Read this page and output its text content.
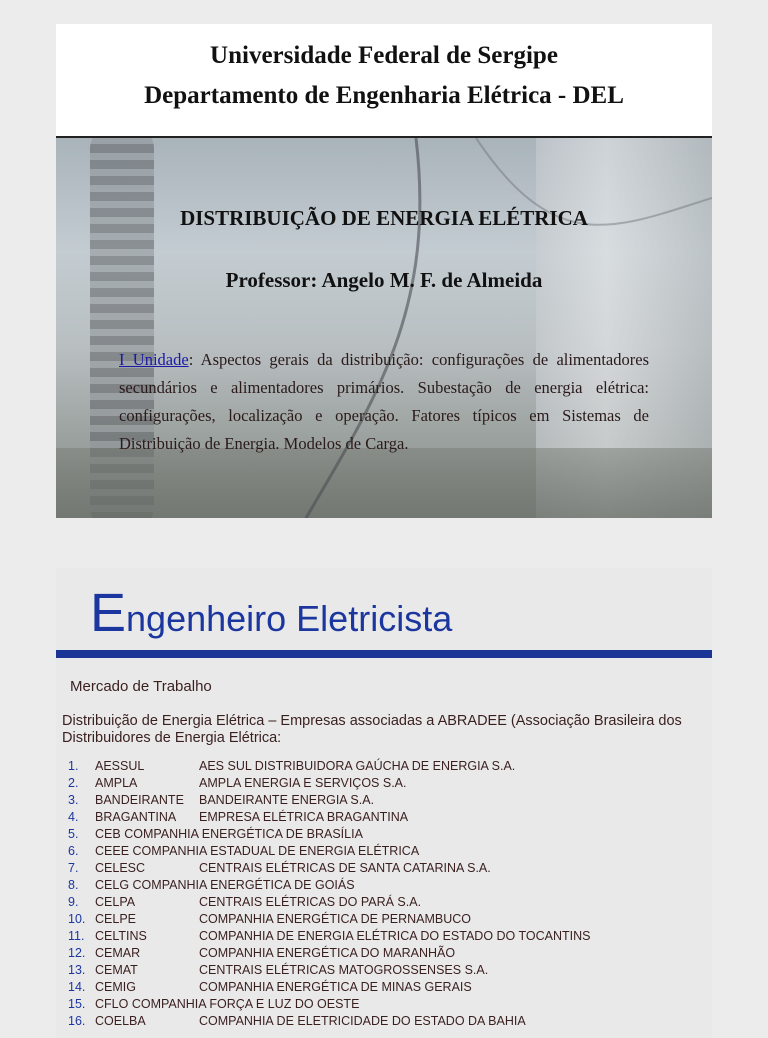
Universidade Federal de Sergipe
Departamento de Engenharia Elétrica - DEL
DISTRIBUIÇÃO DE ENERGIA ELÉTRICA
Professor: Angelo M. F. de Almeida

I Unidade: Aspectos gerais da distribuição: configurações de alimentadores secundários e alimentadores primários. Subestação de energia elétrica: configurações, localização e operação. Fatores típicos em Sistemas de Distribuição de Energia. Modelos de Carga.

Engenheiro Eletricista

Mercado de Trabalho

Distribuição de Energia Elétrica – Empresas associadas a ABRADEE (Associação Brasileira dos Distribuidores de Energia Elétrica:

1. AESSUL	AES SUL DISTRIBUIDORA GAÚCHA DE ENERGIA S.A.
2. AMPLA	AMPLA ENERGIA E SERVIÇOS S.A.
3. BANDEIRANTE BANDEIRANTE ENERGIA S.A.
4. BRAGANTINA EMPRESA ELÉTRICA BRAGANTINA
5. CEB COMPANHIA ENERGÉTICA DE BRASÍLIA
6. CEEE COMPANHIA ESTADUAL DE ENERGIA ELÉTRICA
7. CELESC	CENTRAIS ELÉTRICAS DE SANTA CATARINA S.A.
8. CELG COMPANHIA ENERGÉTICA DE GOIÁS
9. CELPA	CENTRAIS ELÉTRICAS DO PARÁ S.A.
10. CELPE	COMPANHIA ENERGÉTICA DE PERNAMBUCO
11. CELTINS	COMPANHIA DE ENERGIA ELÉTRICA DO ESTADO DO TOCANTINS
12. CEMAR	COMPANHIA ENERGÉTICA DO MARANHÃO
13. CEMAT	CENTRAIS ELÉTRICAS MATOGROSSENSES S.A.
14. CEMIG	COMPANHIA ENERGÉTICA DE MINAS GERAIS
15. CFLO COMPANHIA FORÇA E LUZ DO OESTE
16. COELBA	COMPANHIA DE ELETRICIDADE DO ESTADO DA BAHIA
